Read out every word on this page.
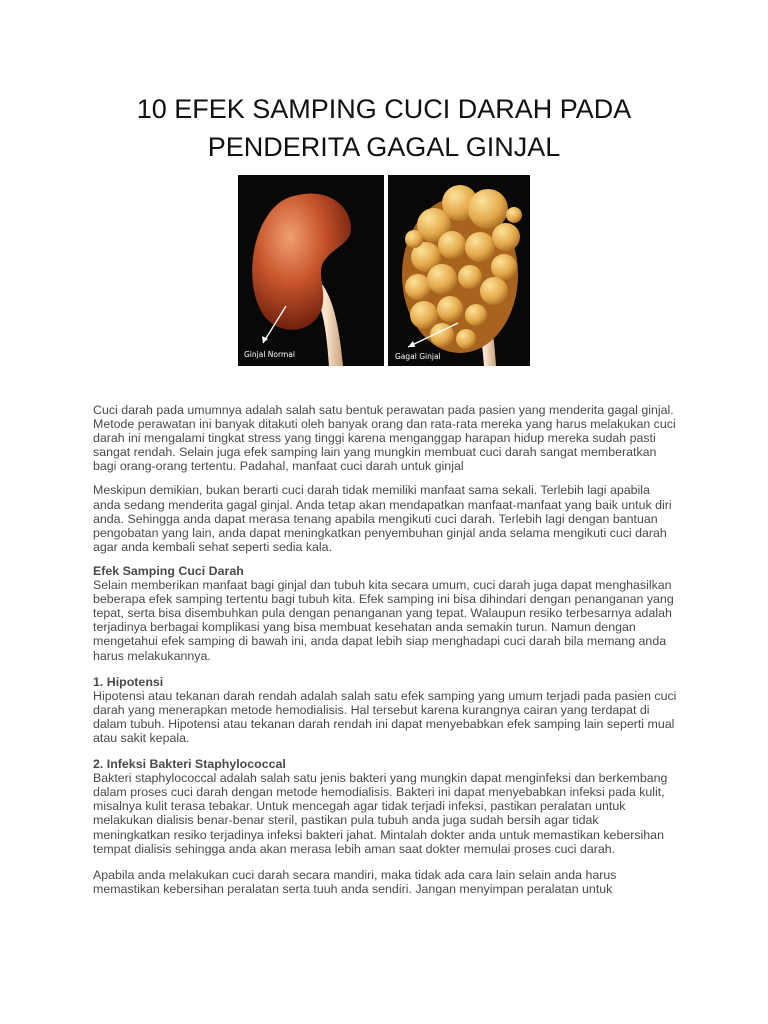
10 EFEK SAMPING CUCI DARAH PADA PENDERITA GAGAL GINJAL
Ginjal Normal	Gagal Ginjal

Cuci darah pada umumnya adalah salah satu bentuk perawatan pada pasien yang menderita gagal ginjal. Metode perawatan ini banyak ditakuti oleh banyak orang dan rata-rata mereka yang harus melakukan cuci darah ini mengalami tingkat stress yang tinggi karena menganggap harapan hidup mereka sudah pasti sangat rendah. Selain juga efek samping lain yang mungkin membuat cuci darah sangat memberatkan bagi orang-orang tertentu. Padahal, manfaat cuci darah untuk ginjal

Meskipun demikian, bukan berarti cuci darah tidak memiliki manfaat sama sekali. Terlebih lagi apabila anda sedang menderita gagal ginjal. Anda tetap akan mendapatkan manfaat-manfaat yang baik untuk diri anda. Sehingga anda dapat merasa tenang apabila mengikuti cuci darah. Terlebih lagi dengan bantuan pengobatan yang lain, anda dapat meningkatkan penyembuhan ginjal anda selama mengikuti cuci darah agar anda kembali sehat seperti sedia kala.

Efek Samping Cuci Darah

Selain memberikan manfaat bagi ginjal dan tubuh kita secara umum, cuci darah juga dapat menghasilkan beberapa efek samping tertentu bagi tubuh kita. Efek samping ini bisa dihindari dengan penanganan yang tepat, serta bisa disembuhkan pula dengan penanganan yang tepat. Walaupun resiko terbesarnya adalah terjadinya berbagai komplikasi yang bisa membuat kesehatan anda semakin turun. Namun dengan mengetahui efek samping di bawah ini, anda dapat lebih siap menghadapi cuci darah bila memang anda harus melakukannya.

1. Hipotensi

Hipotensi atau tekanan darah rendah adalah salah satu efek samping yang umum terjadi pada pasien cuci darah yang menerapkan metode hemodialisis. Hal tersebut karena kurangnya cairan yang terdapat di dalam tubuh. Hipotensi atau tekanan darah rendah ini dapat menyebabkan efek samping lain seperti mual atau sakit kepala.

2. Infeksi Bakteri Staphylococcal

Bakteri staphylococcal adalah salah satu jenis bakteri yang mungkin dapat menginfeksi dan berkembang dalam proses cuci darah dengan metode hemodialisis. Bakteri ini dapat menyebabkan infeksi pada kulit, misalnya kulit terasa tebakar. Untuk mencegah agar tidak terjadi infeksi, pastikan peralatan untuk melakukan dialisis benar-benar steril, pastikan pula tubuh anda juga sudah bersih agar tidak meningkatkan resiko terjadinya infeksi bakteri jahat. Mintalah dokter anda untuk memastikan kebersihan tempat dialisis sehingga anda akan merasa lebih aman saat dokter memulai proses cuci darah.

Apabila anda melakukan cuci darah secara mandiri, maka tidak ada cara lain selain anda harus memastikan kebersihan peralatan serta tuuh anda sendiri. Jangan menyimpan peralatan untuk
